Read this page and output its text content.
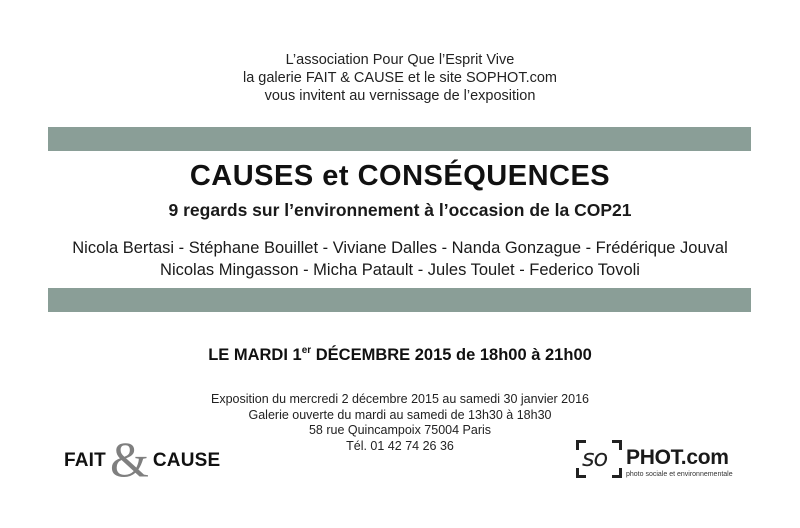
L’association Pour Que l’Esprit Vive
la galerie FAIT & CAUSE et le site SOPHOT.com
vous invitent au vernissage de l’exposition
CAUSES et CONSÉQUENCES
9 regards sur l’environnement à l’occasion de la COP21
Nicola Bertasi - Stéphane Bouillet - Viviane Dalles - Nanda Gonzague - Frédérique Jouval
Nicolas Mingasson - Micha Patault - Jules Toulet - Federico Tovoli
LE MARDI 1er DÉCEMBRE 2015 de 18h00 à 21h00
Exposition du mercredi 2 décembre 2015 au samedi 30 janvier 2016
Galerie ouverte du mardi au samedi de 13h30 à 18h30
58 rue Quincampoix 75004 Paris
Tél. 01 42 74 26 36
FAIT & CAUSE	so PHOT.com
photo sociale et environnementale
